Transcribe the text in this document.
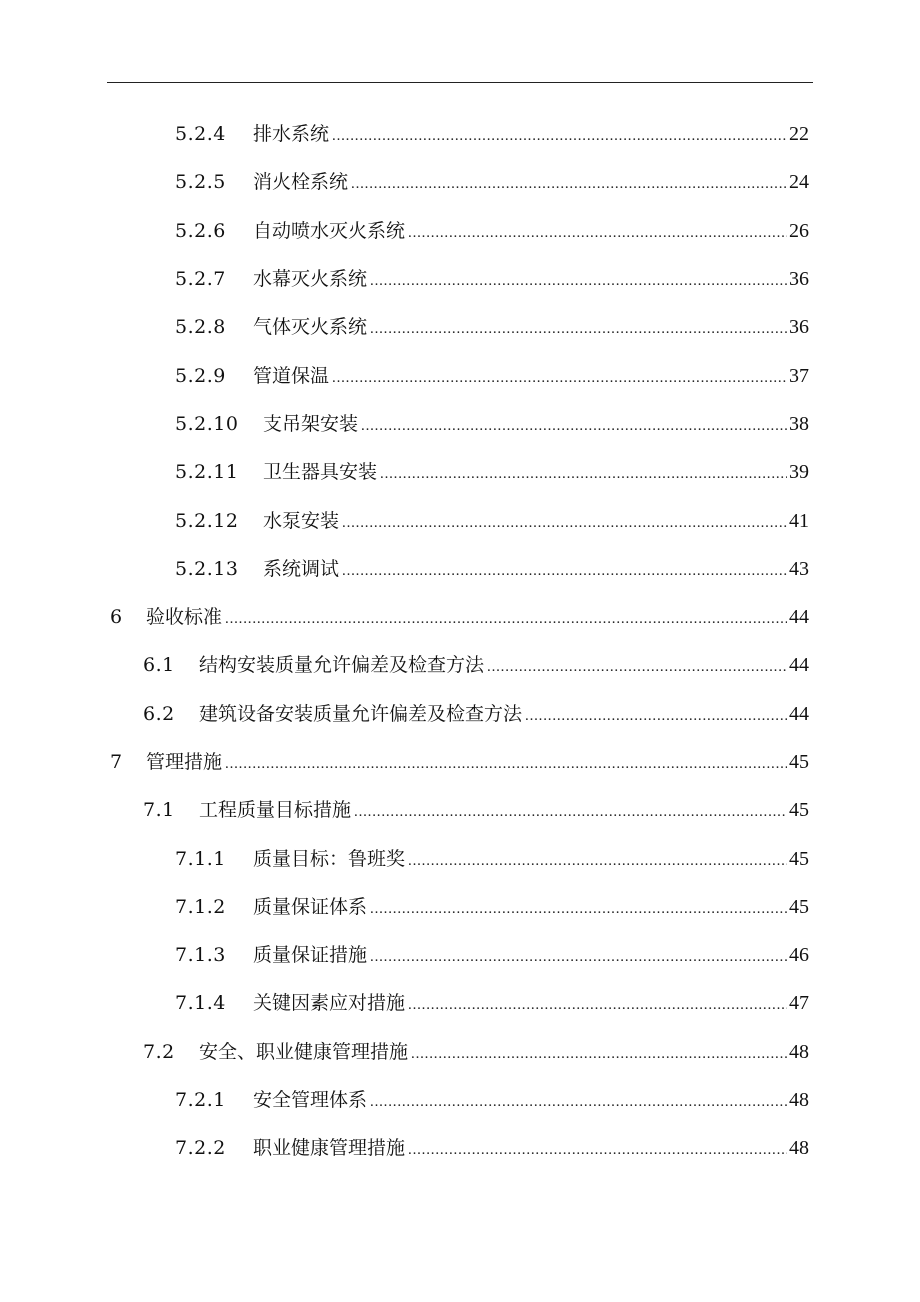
5.2.4	排水系统 .....	22
5.2.5	消火栓系统 .....	24
5.2.6	自动喷水灭火系统 .....	26
5.2.7	水幕灭火系统 .....	36
5.2.8	气体灭火系统 .....	36
5.2.9	管道保温 .....	37
5.2.10	支吊架安装 .....	38
5.2.11	卫生器具安装 .....	39
5.2.12	水泵安装 .....	41
5.2.13	系统调试 .....	43
6	验收标准 .....	44
6.1	结构安装质量允许偏差及检查方法 .....	44
6.2	建筑设备安装质量允许偏差及检查方法 .....	44
7	管理措施 .....	45
7.1	工程质量目标措施 .....	45
7.1.1	质量目标：鲁班奖 .....	45
7.1.2	质量保证体系 .....	45
7.1.3	质量保证措施 .....	46
7.1.4	关键因素应对措施 .....	47
7.2	安全、职业健康管理措施 .....	48
7.2.1	安全管理体系 .....	48
7.2.2	职业健康管理措施 .....	48
